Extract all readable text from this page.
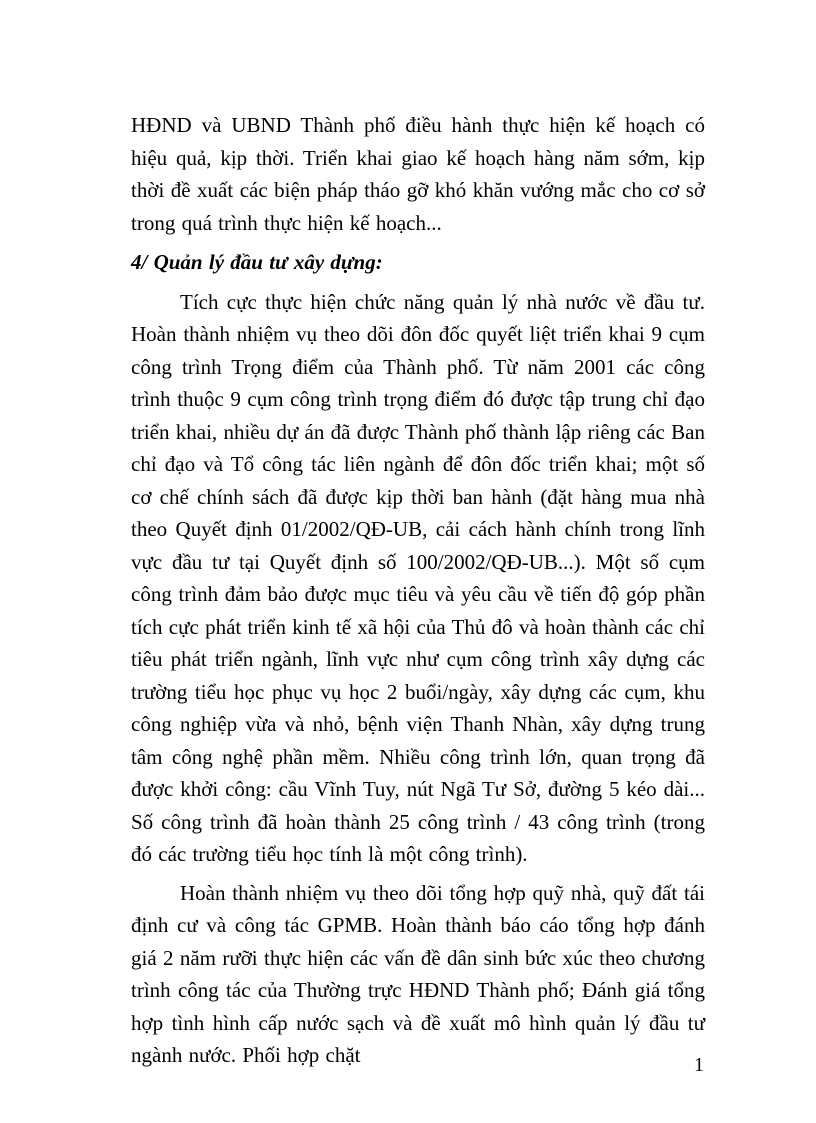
HĐND và UBND Thành phố điều hành thực hiện kế hoạch có hiệu quả, kịp thời. Triển khai giao kế hoạch hàng năm sớm, kịp thời đề xuất các biện pháp tháo gỡ khó khăn vướng mắc cho cơ sở trong quá trình thực hiện kế hoạch...

4/ Quản lý đầu tư xây dựng:

Tích cực thực hiện chức năng quản lý nhà nước về đầu tư. Hoàn thành nhiệm vụ theo dõi đôn đốc quyết liệt triển khai 9 cụm công trình Trọng điểm của Thành phố. Từ năm 2001 các công trình thuộc 9 cụm công trình trọng điểm đó được tập trung chỉ đạo triển khai, nhiều dự án đã được Thành phố thành lập riêng các Ban chỉ đạo và Tổ công tác liên ngành để đôn đốc triển khai; một số cơ chế chính sách đã được kịp thời ban hành (đặt hàng mua nhà theo Quyết định 01/2002/QĐ-UB, cải cách hành chính trong lĩnh vực đầu tư tại Quyết định số 100/2002/QĐ-UB...). Một số cụm công trình đảm bảo được mục tiêu và yêu cầu về tiến độ góp phần tích cực phát triển kinh tế xã hội của Thủ đô và hoàn thành các chỉ tiêu phát triển ngành, lĩnh vực như cụm công trình xây dựng các trường tiểu học phục vụ học 2 buổi/ngày, xây dựng các cụm, khu công nghiệp vừa và nhỏ, bệnh viện Thanh Nhàn, xây dựng trung tâm công nghệ phần mềm. Nhiều công trình lớn, quan trọng đã được khởi công: cầu Vĩnh Tuy, nút Ngã Tư Sở, đường 5 kéo dài... Số công trình đã hoàn thành 25 công trình / 43 công trình (trong đó các trường tiểu học tính là một công trình).

Hoàn thành nhiệm vụ theo dõi tổng hợp quỹ nhà, quỹ đất tái định cư và công tác GPMB. Hoàn thành báo cáo tổng hợp đánh giá 2 năm rưỡi thực hiện các vấn đề dân sinh bức xúc theo chương trình công tác của Thường trực HĐND Thành phố; Đánh giá tổng hợp tình hình cấp nước sạch và đề xuất mô hình quản lý đầu tư ngành nước. Phối hợp chặt	1
